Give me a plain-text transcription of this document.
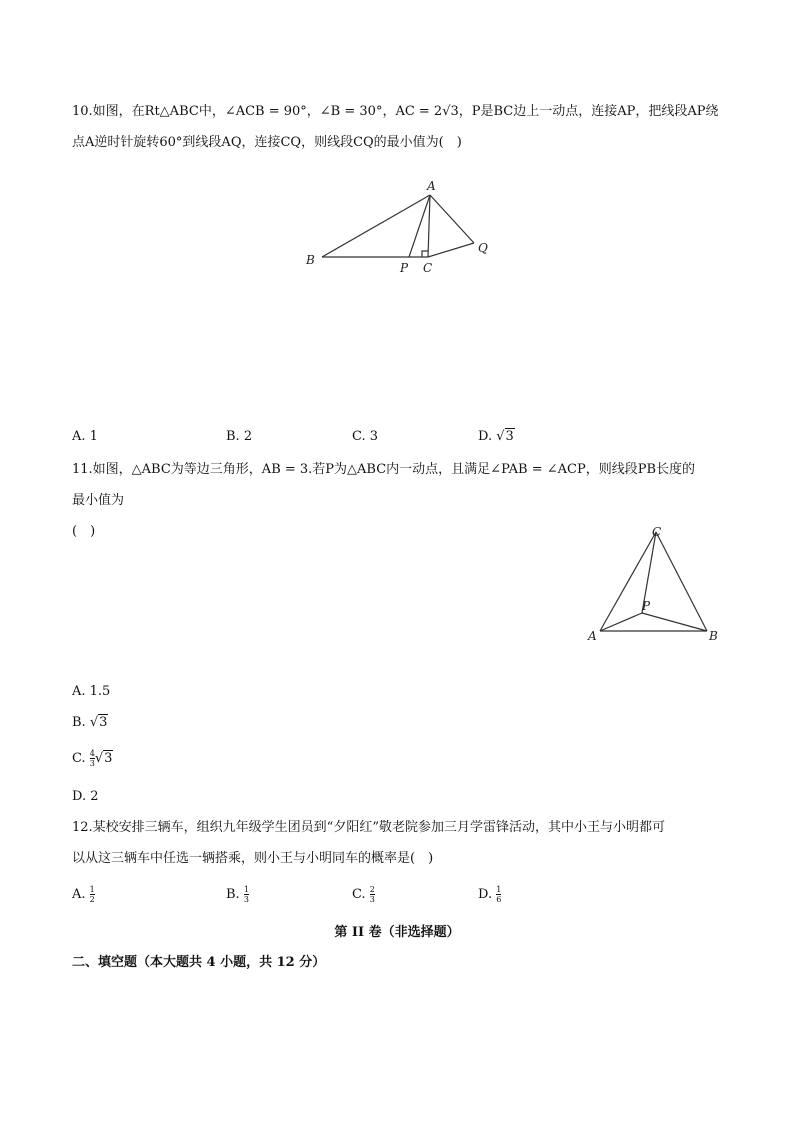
10.如图，在Rt△ABC中，∠ACB = 90°，∠B = 30°，AC = 2√3，P是BC边上一动点，连接AP，把线段AP绕
点A逆时针旋转60°到线段AQ，连接CQ，则线段CQ的最小值为(　)
A
B
P C
Q
A. 1	B. 2	C. 3	D. √3
11.如图，△ABC为等边三角形，AB = 3.若P为△ABC内一动点，且满足∠PAB = ∠ACP，则线段PB长度的
最小值为
(　)	C
P
A	B
A. 1.5
B. √3
C. $\frac{4}{3} √3$
D. 2
12.某校安排三辆车，组织九年级学生团员到“夕阳红”敬老院参加三月学雷锋活动，其中小王与小明都可
以从这三辆车中任选一辆搭乘，则小王与小明同车的概率是(　)
A. $\frac{1}{2}$	B. $\frac{1}{3}$	C. $\frac{2}{3}$	D. $\frac{1}{6}$
第 II 卷（非选择题）
二、填空题（本大题共 4 小题，共 12 分）
